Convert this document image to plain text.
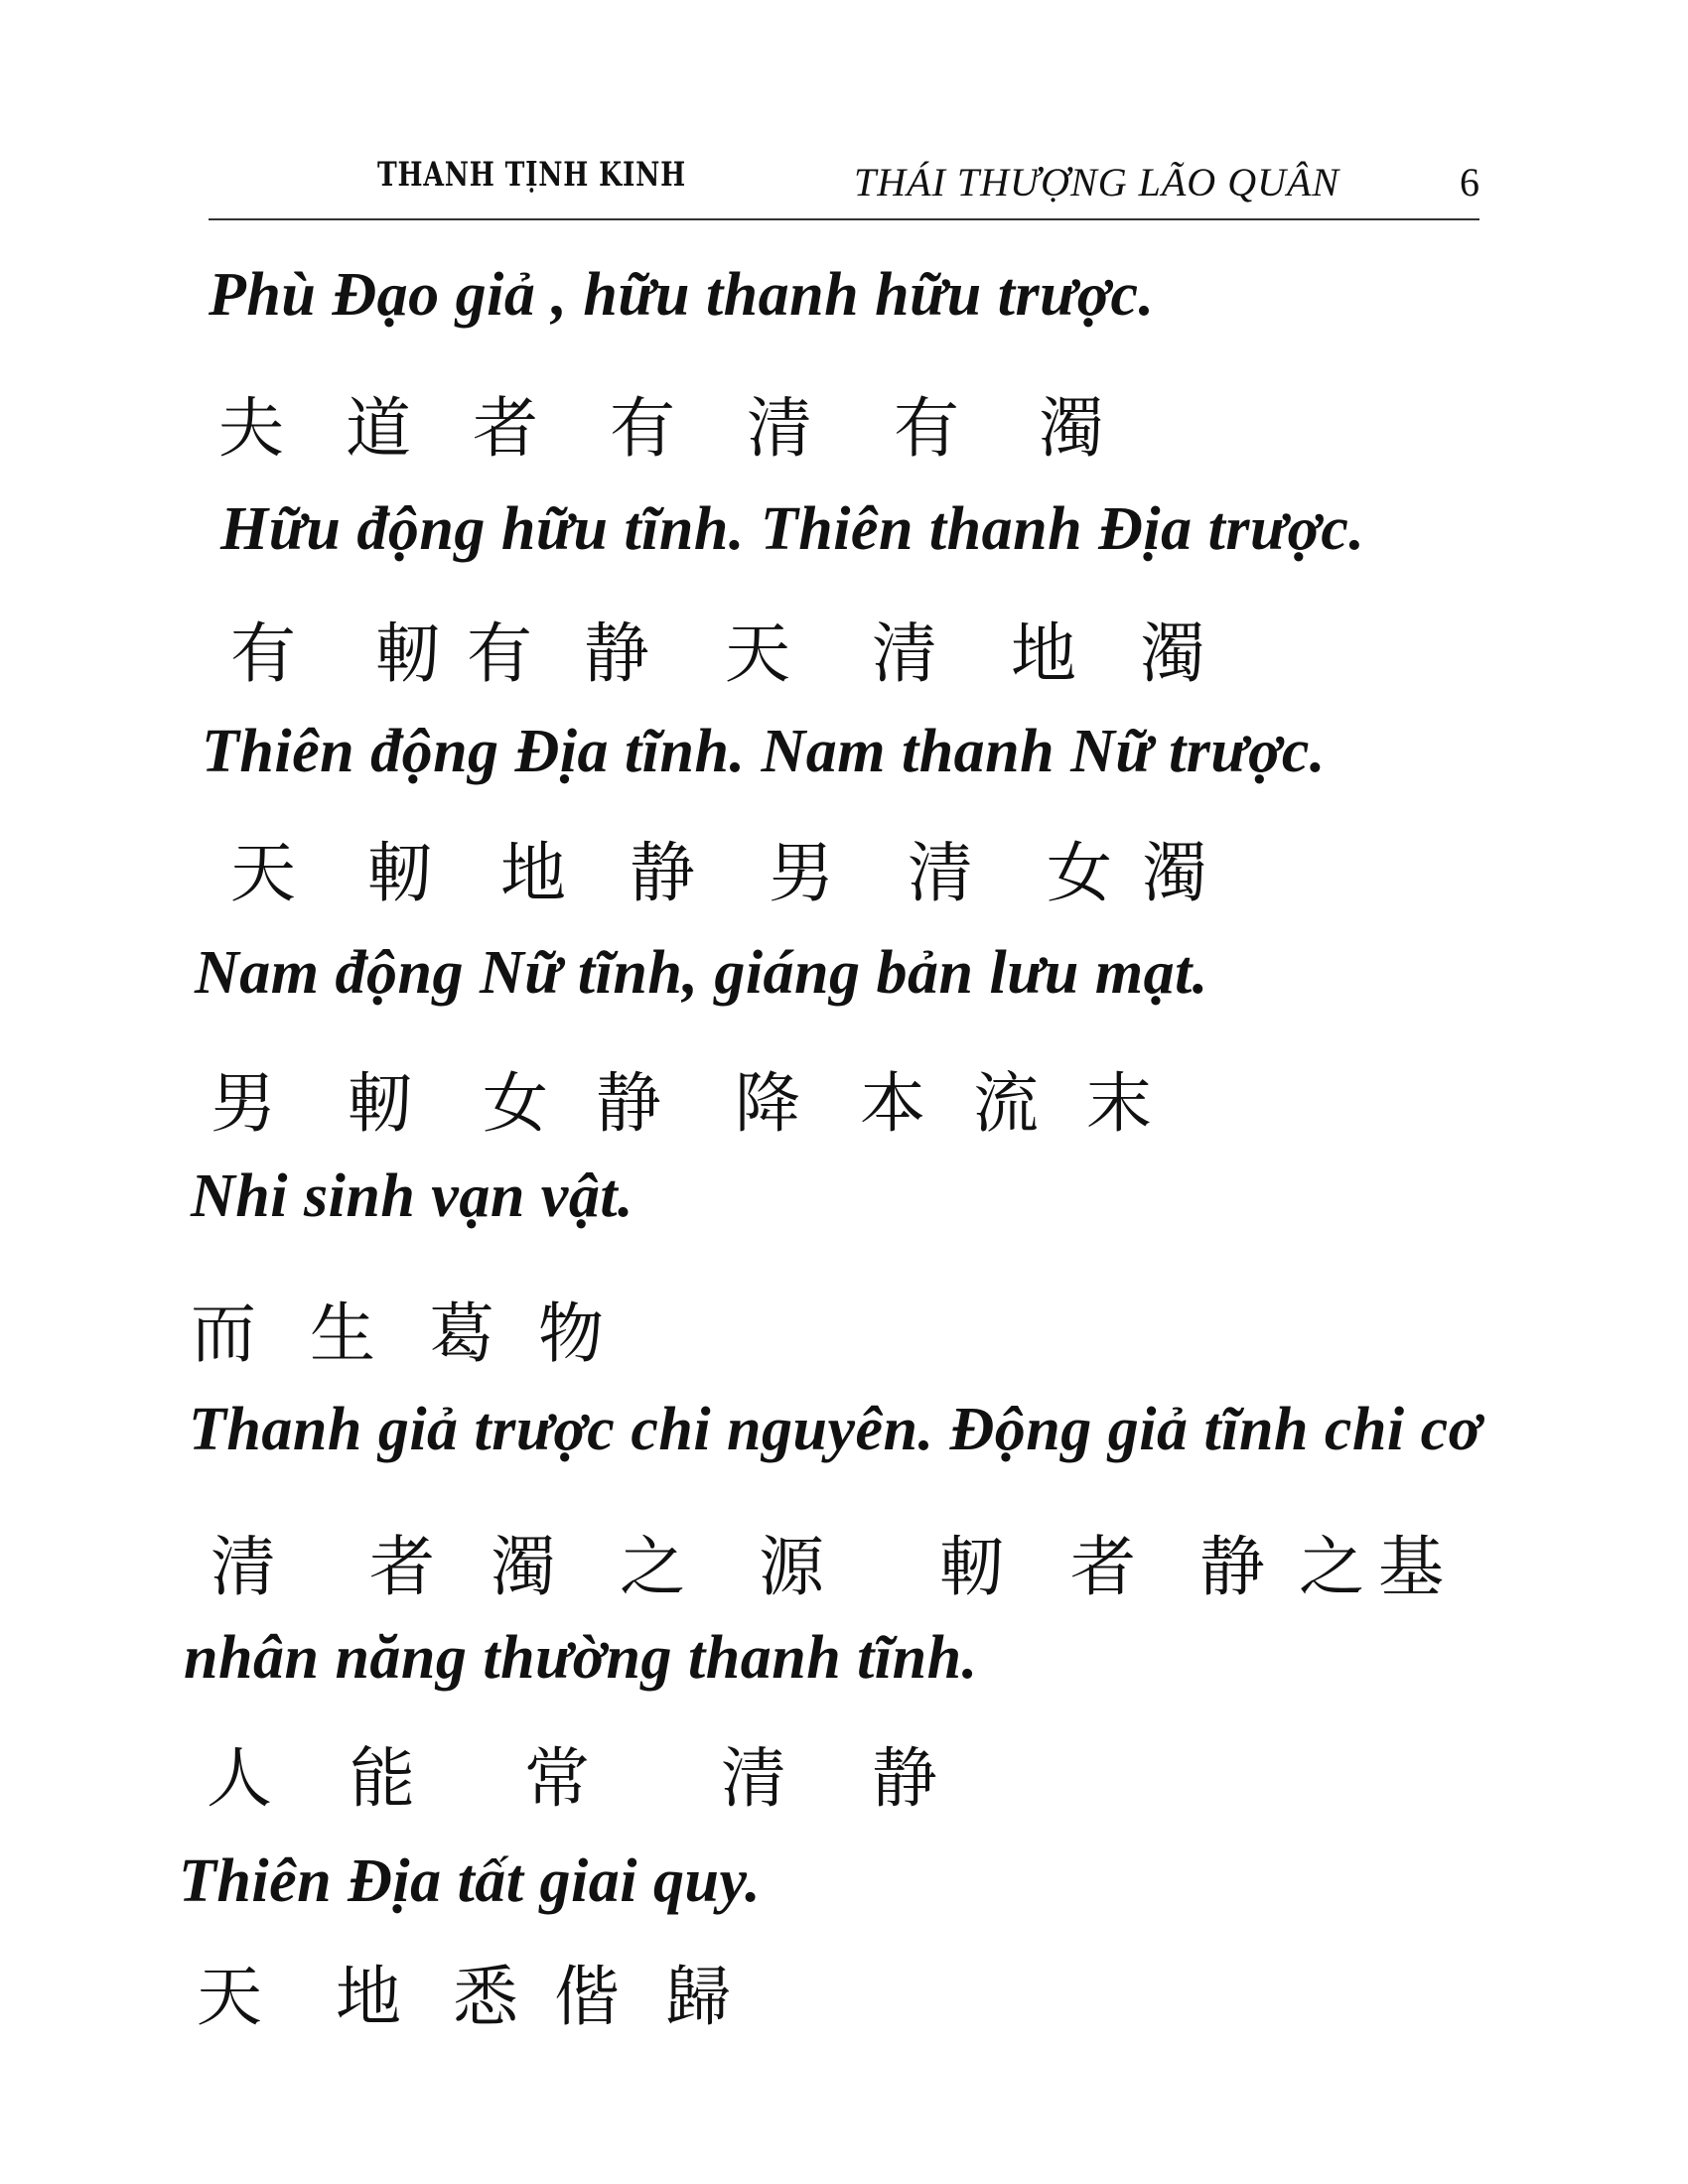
THANH TỊNH KINH	THÁI THƯỢNG LÃO QUÂN	6
Phù Đạo giả , hữu thanh hữu trược.
夫 道 者 有 清 有 濁
Hữu động hữu tĩnh. Thiên thanh Địa trược.
有 軔 有 静 天 清 地 濁
Thiên động Địa tĩnh. Nam thanh Nữ trược.
天 軔 地 静 男 清 女 濁
Nam động Nữ tĩnh, giáng bản lưu mạt.
男 軔 女 静 降 本 流 末
Nhi sinh vạn vật.
而 生 葛 物
Thanh giả trược chi nguyên. Động giả tĩnh chi cơ
清 者 濁 之 源 軔 者 静 之 基
nhân năng thường thanh tĩnh.
人 能 常 清 静
Thiên Địa tất giai quy.
天 地 悉 偕 歸
